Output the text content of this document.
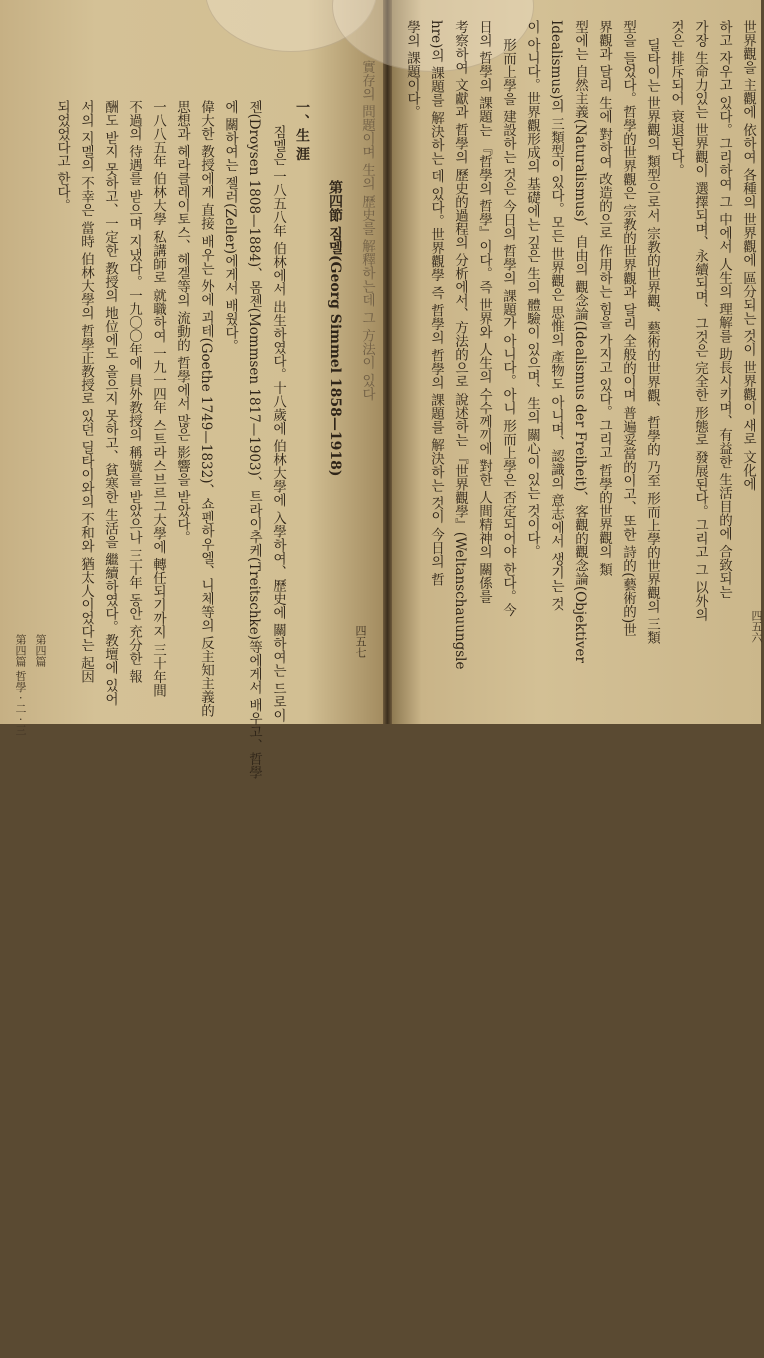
四五七
第四篇
第四篇 哲學 · 二 · 三
實存의 問題이며 生의 歷史를 解釋하는데 그 方法이 있다
第四節 짐멜(Georg Simmel 1858—1918)
一、生 涯
짐멜은 一八五八年 伯林에서 出生하였다。十八歲에 伯林大學에 入學하여、歷史에 關하여는 드로이
젠(Droysen 1808—1884)、몸젠(Mommsen 1817—1903)、트라이추케(Treitschke)等에게서 배우고、哲學
에 關하여는 젤러(Zeller)에게서 배웠다。
偉大한 教授에게 直接 배우는 外에 괴테(Goethe 1749—1832)、쇼펜하우엘、니체等의 反主知主義的
思想과 헤라클레이토스、헤겔等의 流動的 哲學에서 많은 影響을 받았다。
一八八五年 伯林大學 私講師로 就職하여 一九一四年 스트라스브르그大學에 轉任되기까지 三十年間
不過의 待遇를 받으며 지냈다。一九〇〇年에 員外教授의 稱號를 받았으나 三十年 동안 充分한 報
酬도 받지 못하고、一定한 教授의 地位에도 올으지 못하고、貧寒한 生活을 繼續하였다。教壇에 있어
서의 지멜의 不幸은 當時 伯林大學의 哲學正教授로 있던 딜타이와의 不和와 猶太人이었다는 起因
되었었다고 한다。
四五六
世界觀을 主觀에 依하여 各種의 世界觀에 區分되는 것이 世界觀이 새로 文化에
하고 자우고 있다。그리하여 그 中에서 人生의 理解를 助長시키며、有益한 生活目的에 合致되는
가장 生命力있는 世界觀이 選擇되며、永續되며、그것은 完全한 形態로 發展된다。그리고 그 以外의
것은 排斥되어 衰退된다。
딜타이는 世界觀의 類型으로서 宗教的世界觀、藝術的世界觀、哲學的 乃至 形而上學的世界觀의 三類
型을 들었다。哲學的世界觀은 宗教的世界觀과 달리 全般的이며 普遍妥當的이고、또한 詩的(藝術的)世
界觀과 달리 生에 對하여 改造的으로 作用하는 힘을 가지고 있다。그리고 哲學的世界觀의 類
型에는 自然主義(Naturalismus)、自由의 觀念論(Idealismus der Freiheit)、客觀的觀念論(Objektiver
Idealismus)의 三類型이 있다。모든 世界觀은 思惟의 產物도 아니며、認識의 意志에서 생기는 것
이 아니다。世界觀形成의 基礎에는 깊은 生의 體驗이 있으며、生의 關心이 있는 것이다。
形而上學을 建設하는 것은 今日의 哲學의 課題가 아니다。아니 形而上學은 否定되어야 한다。今
日의 哲學의 課題는 『哲學의 哲學』이다。즉 世界와 人生의 수수께끼에 對한 人間精神의 關係를
考察하여 文獻과 哲學의 歷史的過程의 分析에서、方法的으로 說述하는 『世界觀學』(Weltanschauungsle
hre)의 課題를 解決하는 데 있다。世界觀學 즉 哲學의 哲學의 課題를 解決하는 것이 今日의 哲
學의 課題이다。
